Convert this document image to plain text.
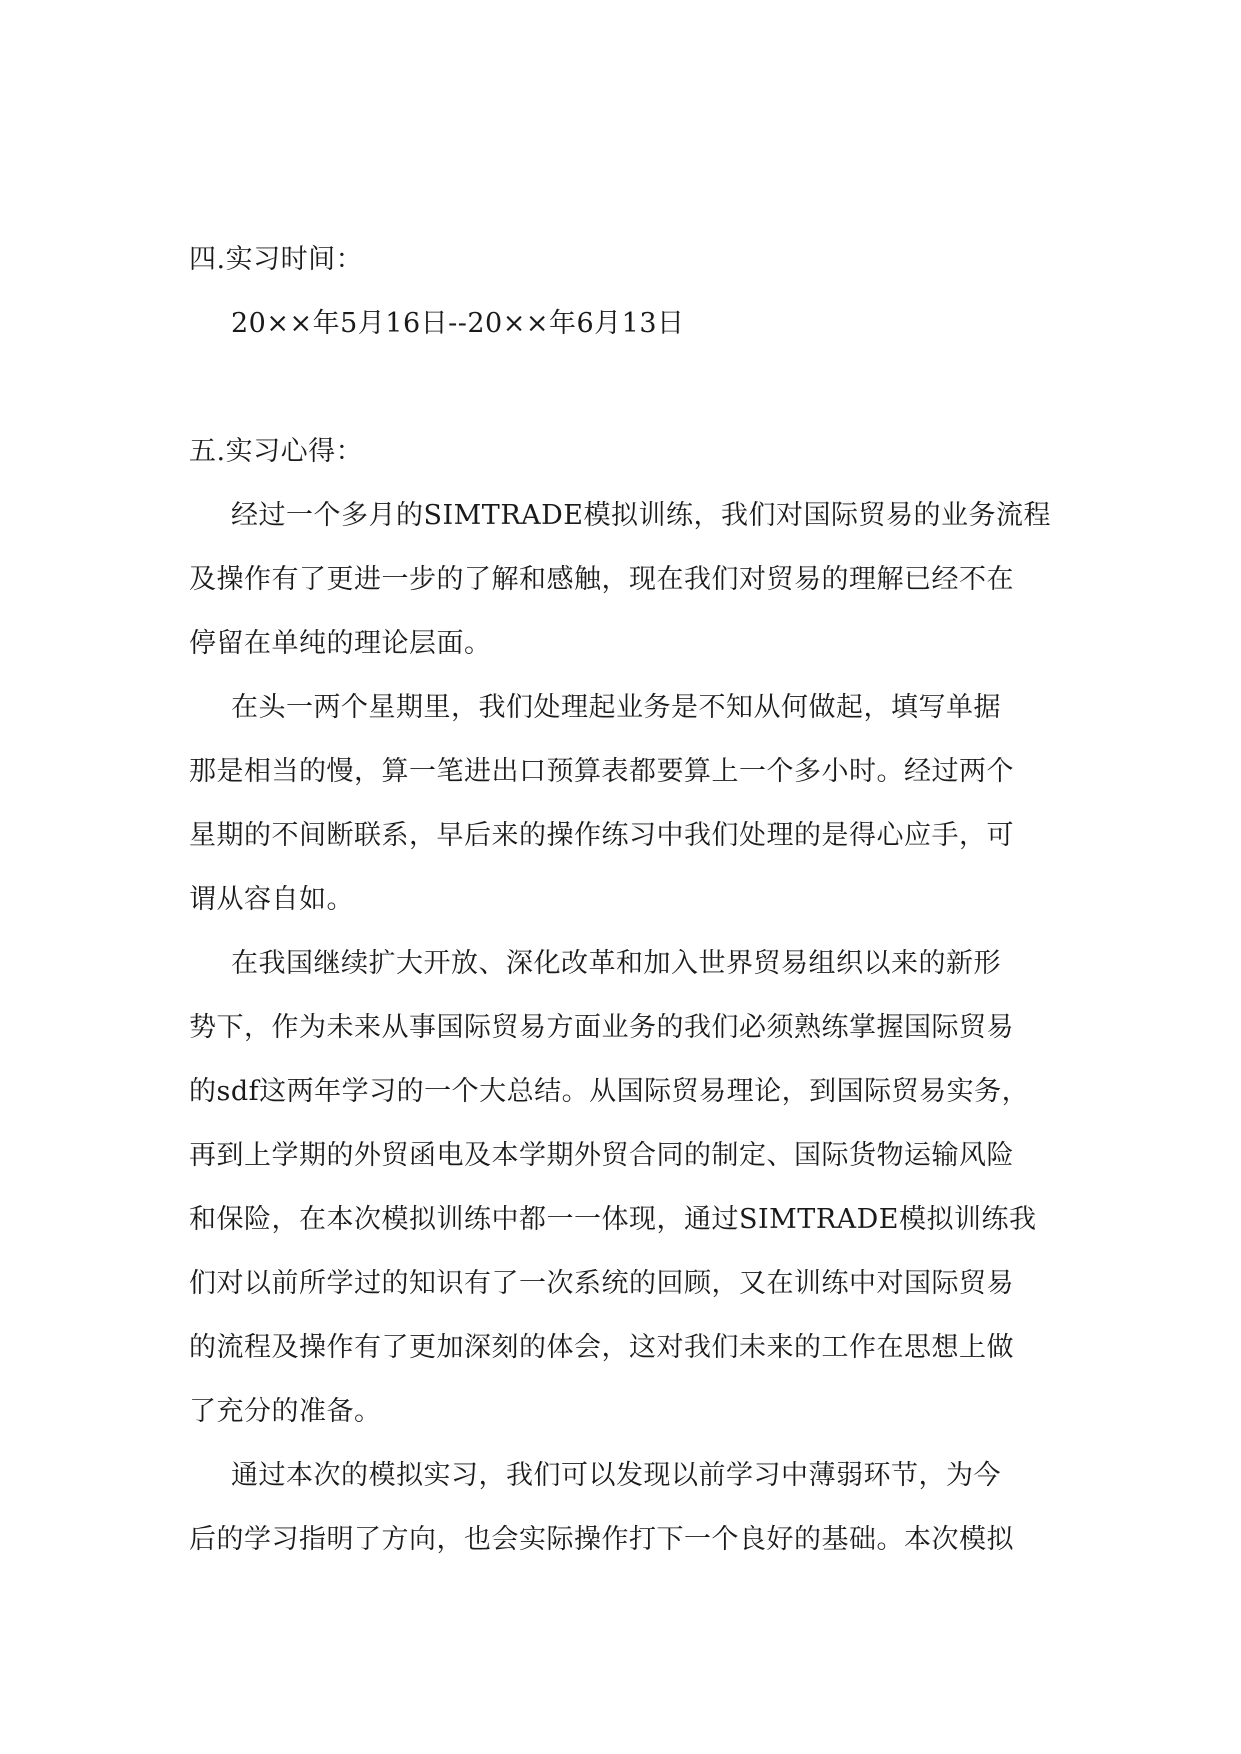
四.实习时间：
20××年5月16日--20××年6月13日
五.实习心得：
经过一个多月的SIMTRADE模拟训练，我们对国际贸易的业务流程
及操作有了更进一步的了解和感触，现在我们对贸易的理解已经不在
停留在单纯的理论层面。
在头一两个星期里，我们处理起业务是不知从何做起，填写单据
那是相当的慢，算一笔进出口预算表都要算上一个多小时。经过两个
星期的不间断联系，早后来的操作练习中我们处理的是得心应手，可
谓从容自如。
在我国继续扩大开放、深化改革和加入世界贸易组织以来的新形
势下，作为未来从事国际贸易方面业务的我们必须熟练掌握国际贸易
的sdf这两年学习的一个大总结。从国际贸易理论，到国际贸易实务，
再到上学期的外贸函电及本学期外贸合同的制定、国际货物运输风险
和保险，在本次模拟训练中都一一体现，通过SIMTRADE模拟训练我
们对以前所学过的知识有了一次系统的回顾，又在训练中对国际贸易
的流程及操作有了更加深刻的体会，这对我们未来的工作在思想上做
了充分的准备。
通过本次的模拟实习，我们可以发现以前学习中薄弱环节，为今
后的学习指明了方向，也会实际操作打下一个良好的基础。本次模拟
